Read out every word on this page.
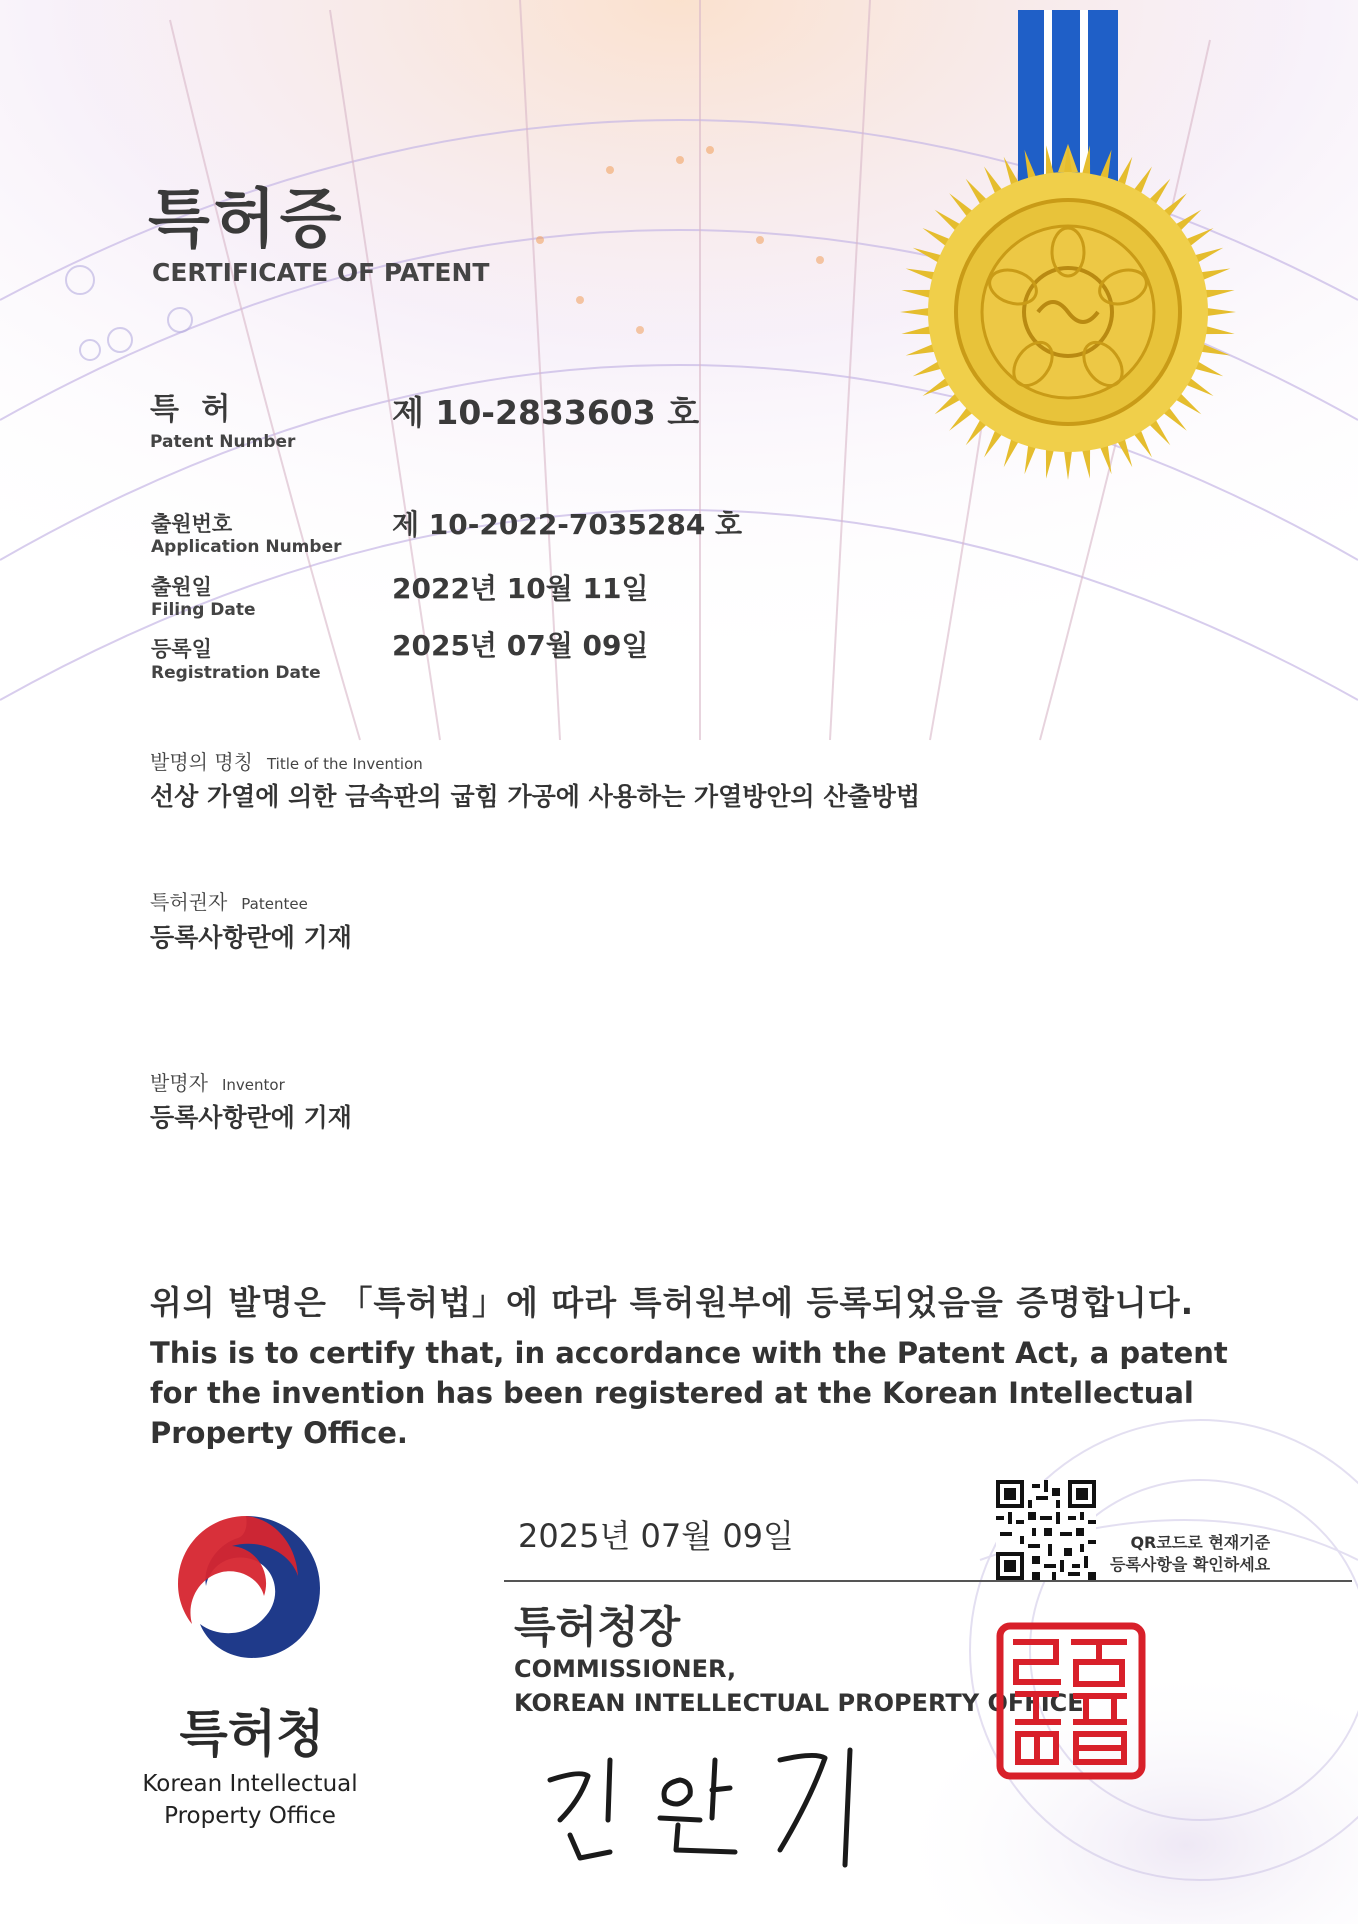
특허증
CERTIFICATE OF PATENT
특 허
Patent Number
제 10-2833603 호
출원번호
Application Number
제 10-2022-7035284 호
출원일
Filing Date
2022년 10월 11일
등록일
Registration Date
2025년 07월 09일
발명의 명칭 Title of the Invention
선상 가열에 의한 금속판의 굽힘 가공에 사용하는 가열방안의 산출방법
특허권자 Patentee
등록사항란에 기재
발명자 Inventor
등록사항란에 기재
위의 발명은 「특허법」에 따라 특허원부에 등록되었음을 증명합니다.
This is to certify that, in accordance with the Patent Act, a patent for the invention has been registered at the Korean Intellectual Property Office.
2025년 07월 09일	QR코드로 현재기준
등록사항을 확인하세요
특허청장
COMMISSIONER,
KOREAN INTELLECTUAL PROPERTY OFFICE
특허청
Korean Intellectual Property Office
